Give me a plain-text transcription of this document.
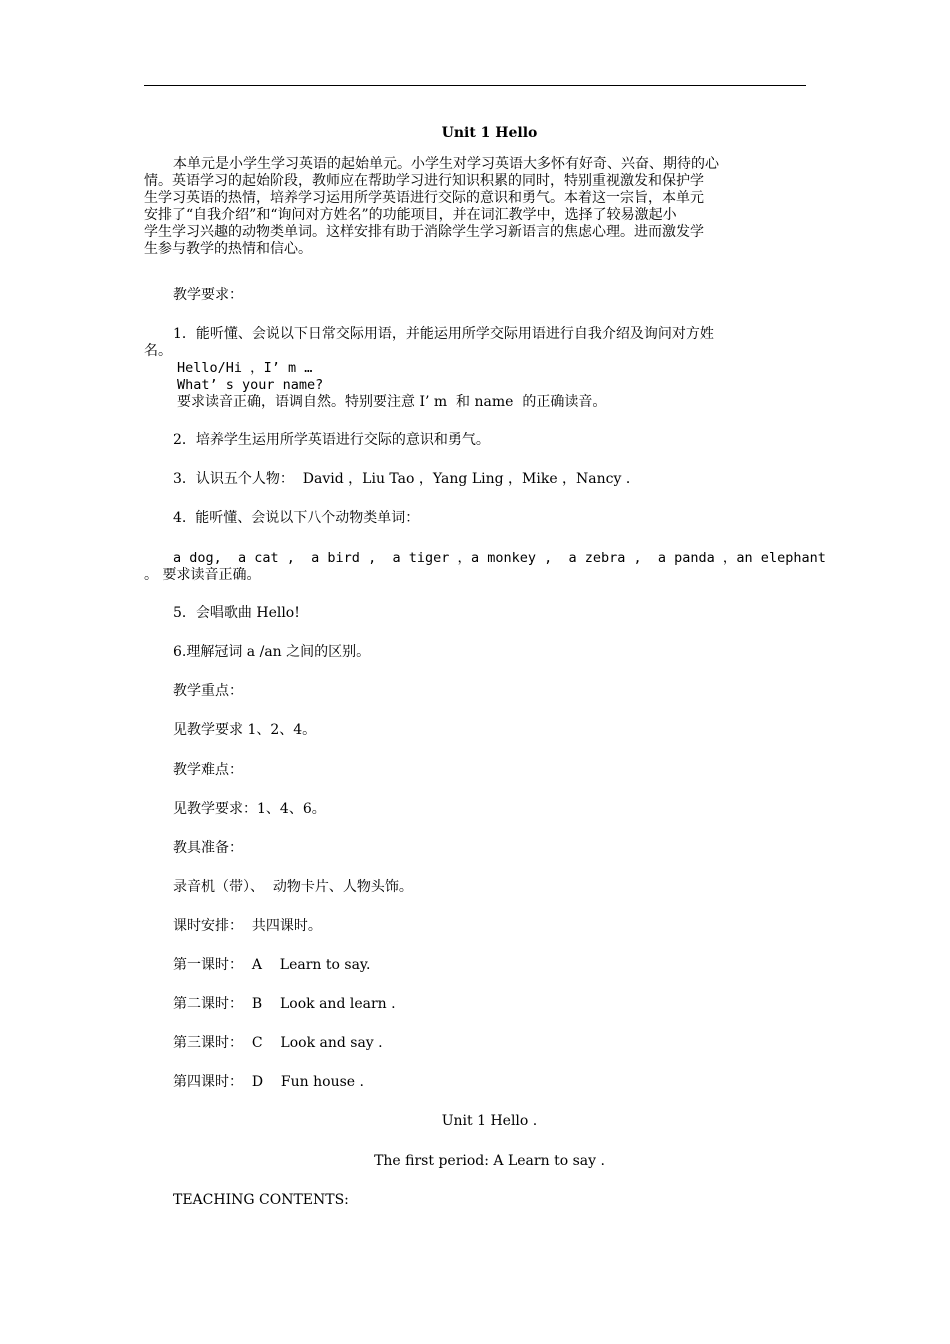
Unit 1 Hello
本单元是小学生学习英语的起始单元。小学生对学习英语大多怀有好奇、兴奋、期待的心
情。英语学习的起始阶段，教师应在帮助学习进行知识积累的同时，特别重视激发和保护学
生学习英语的热情，培养学习运用所学英语进行交际的意识和勇气。本着这一宗旨，本单元
安排了“自我介绍”和“询问对方姓名”的功能项目，并在词汇教学中，选择了较易激起小
学生学习兴趣的动物类单词。这样安排有助于消除学生学习新语言的焦虑心理。进而激发学
生参与教学的热情和信心。
教学要求：
1．能听懂、会说以下日常交际用语，并能运用所学交际用语进行自我介绍及询问对方姓
名。
Hello/Hi ，I’ m …
What’ s your name?
要求读音正确，语调自然。特别要注意 I’ m  和 name  的正确读音。
2．培养学生运用所学英语进行交际的意识和勇气。
3．认识五个人物：  David ，Liu Tao ，Yang Ling ，Mike ，Nancy ．
4.  能听懂、会说以下八个动物类单词：
a dog,  a cat ,  a bird ,  a tiger ，a monkey ,  a zebra ,  a panda ，an elephant
。 要求读音正确。
5．会唱歌曲 Hello!
6.理解冠词 a /an 之间的区别。
教学重点：
见教学要求 1、2、4。
教学难点：
见教学要求：1、4、6。
教具准备：
录音机（带）、  动物卡片、人物头饰。
课时安排：  共四课时。
第一课时：  A    Learn to say.
第二课时：  B    Look and learn .
第三课时：  C    Look and say .
第四课时：  D    Fun house .
Unit 1 Hello .
The first period: A Learn to say .
TEACHING CONTENTS:
